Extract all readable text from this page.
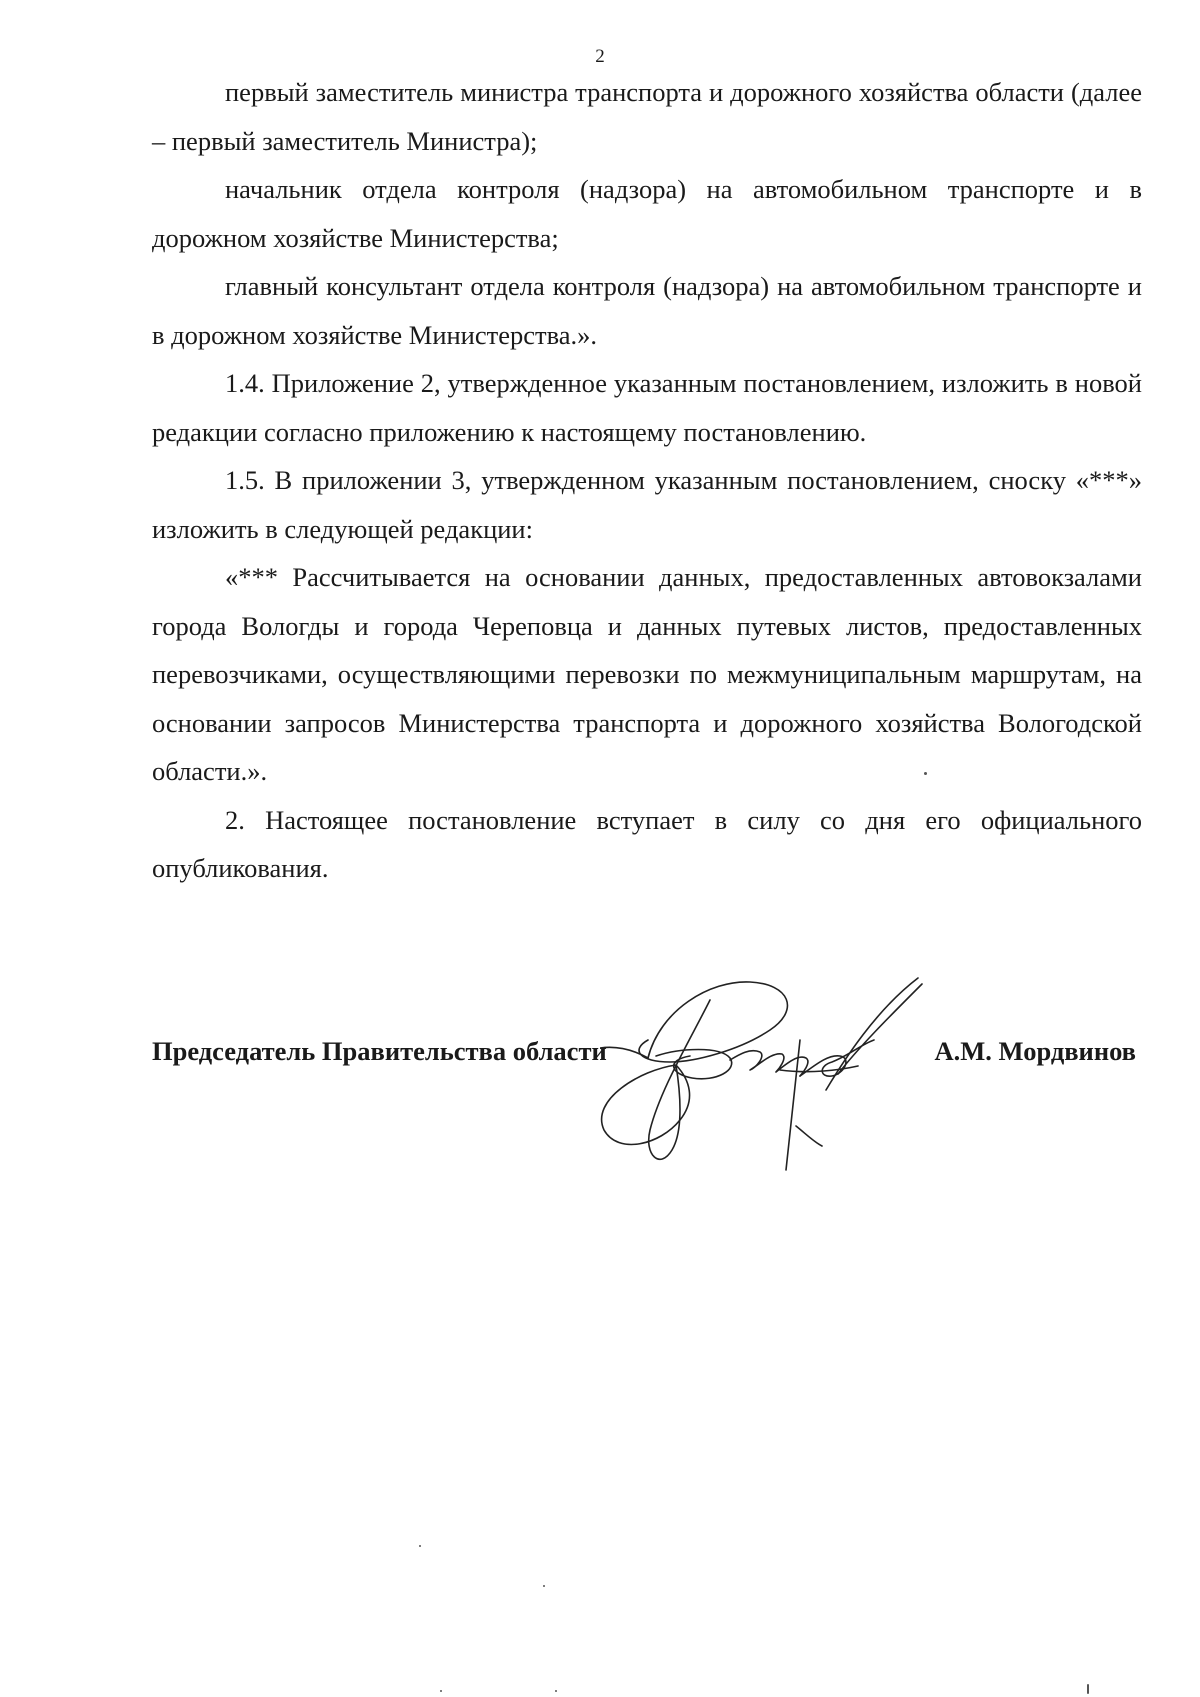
2

первый заместитель министра транспорта и дорожного хозяйства области (далее – первый заместитель Министра);

начальник отдела контроля (надзора) на автомобильном транспорте и в дорожном хозяйстве Министерства;

главный консультант отдела контроля (надзора) на автомобильном транспорте и в дорожном хозяйстве Министерства.».

1.4. Приложение 2, утвержденное указанным постановлением, изложить в новой редакции согласно приложению к настоящему постановлению.

1.5. В приложении 3, утвержденном указанным постановлением, сноску «***» изложить в следующей редакции:

«*** Рассчитывается на основании данных, предоставленных автовокзалами города Вологды и города Череповца и данных путевых листов, предоставленных перевозчиками, осуществляющими перевозки по межмуниципальным маршрутам, на основании запросов Министерства транспорта и дорожного хозяйства Вологодской области.».

2. Настоящее постановление вступает в силу со дня его официального опубликования.

Председатель Правительства области	А.М. Мордвинов
